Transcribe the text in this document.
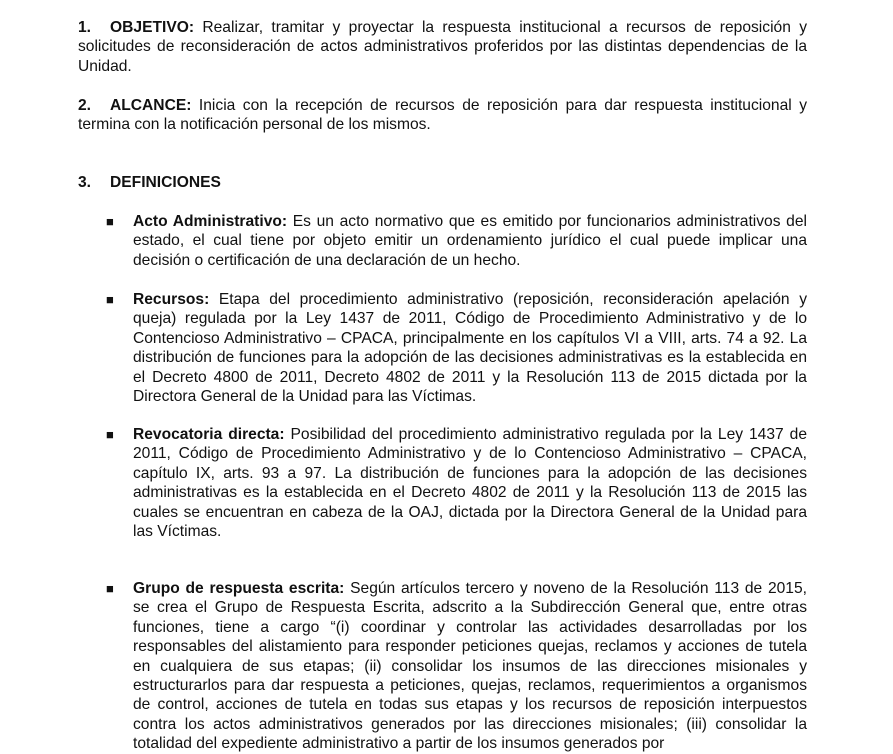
1. OBJETIVO: Realizar, tramitar y proyectar la respuesta institucional a recursos de reposición y solicitudes de reconsideración de actos administrativos proferidos por las distintas dependencias de la Unidad.

2. ALCANCE: Inicia con la recepción de recursos de reposición para dar respuesta institucional y termina con la notificación personal de los mismos.

3. DEFINICIONES

■	Acto Administrativo: Es un acto normativo que es emitido por funcionarios administrativos del estado, el cual tiene por objeto emitir un ordenamiento jurídico el cual puede implicar una decisión o certificación de una declaración de un hecho.
■	Recursos: Etapa del procedimiento administrativo (reposición, reconsideración apelación y queja) regulada por la Ley 1437 de 2011, Código de Procedimiento Administrativo y de lo Contencioso Administrativo – CPACA, principalmente en los capítulos VI a VIII, arts. 74 a 92. La distribución de funciones para la adopción de las decisiones administrativas es la establecida en el Decreto 4800 de 2011, Decreto 4802 de 2011 y la Resolución 113 de 2015 dictada por la Directora General de la Unidad para las Víctimas.
■	Revocatoria directa: Posibilidad del procedimiento administrativo regulada por la Ley 1437 de 2011, Código de Procedimiento Administrativo y de lo Contencioso Administrativo – CPACA, capítulo IX, arts. 93 a 97. La distribución de funciones para la adopción de las decisiones administrativas es la establecida en el Decreto 4802 de 2011 y la Resolución 113 de 2015 las cuales se encuentran en cabeza de la OAJ, dictada por la Directora General de la Unidad para las Víctimas.
■	Grupo de respuesta escrita: Según artículos tercero y noveno de la Resolución 113 de 2015, se crea el Grupo de Respuesta Escrita, adscrito a la Subdirección General que, entre otras funciones, tiene a cargo “(i) coordinar y controlar las actividades desarrolladas por los responsables del alistamiento para responder peticiones quejas, reclamos y acciones de tutela en cualquiera de sus etapas; (ii) consolidar los insumos de las direcciones misionales y estructurarlos para dar respuesta a peticiones, quejas, reclamos, requerimientos a organismos de control, acciones de tutela en todas sus etapas y los recursos de reposición interpuestos contra los actos administrativos generados por las direcciones misionales; (iii) consolidar la totalidad del expediente administrativo a partir de los insumos generados por
